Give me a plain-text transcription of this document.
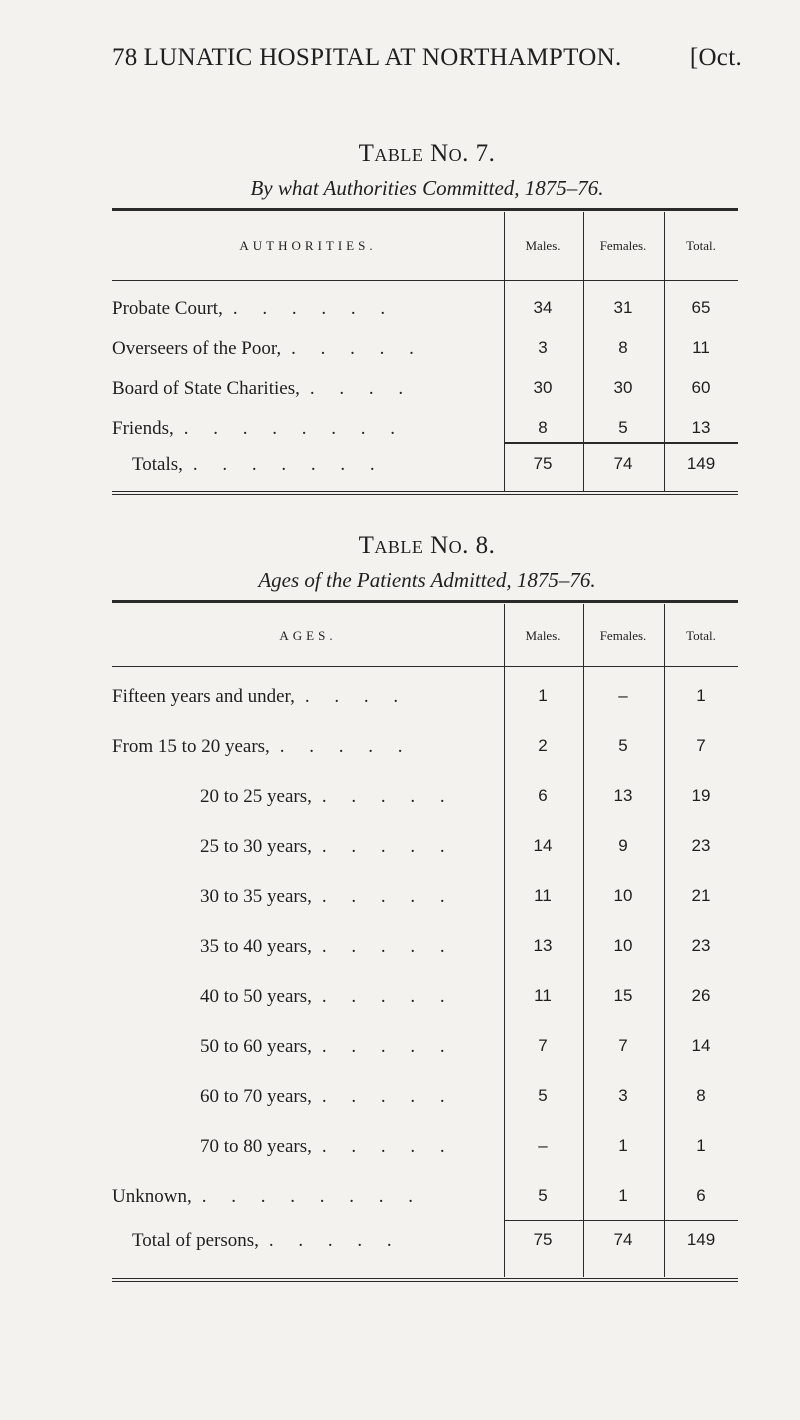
78 LUNATIC HOSPITAL AT NORTHAMPTON.	[Oct.
Table No. 7.
By what Authorities Committed, 1875–76.
AUTHORITIES.	Males.	Females.	Total.
Probate Court, . . . . . .	34	31	65
Overseers of the Poor, . . . . .	3	8	11
Board of State Charities, . . . .	30	30	60
Friends, . . . . . . . .	8	5	13
Totals, . . . . . . .	75	74	149
Table No. 8.
Ages of the Patients Admitted, 1875–76.
AGES.	Males.	Females.	Total.
Fifteen years and under, . . . .	1	–	1
From 15 to 20 years, . . . . .	2	5	7
20 to 25 years, . . . . .	6	13	19
25 to 30 years, . . . . .	14	9	23
30 to 35 years, . . . . .	11	10	21
35 to 40 years, . . . . .	13	10	23
40 to 50 years, . . . . .	11	15	26
50 to 60 years, . . . . .	7	7	14
60 to 70 years, . . . . .	5	3	8
70 to 80 years, . . . . .	–	1	1
Unknown, . . . . . . . .	5	1	6
Total of persons, . . . . .	75	74	149
